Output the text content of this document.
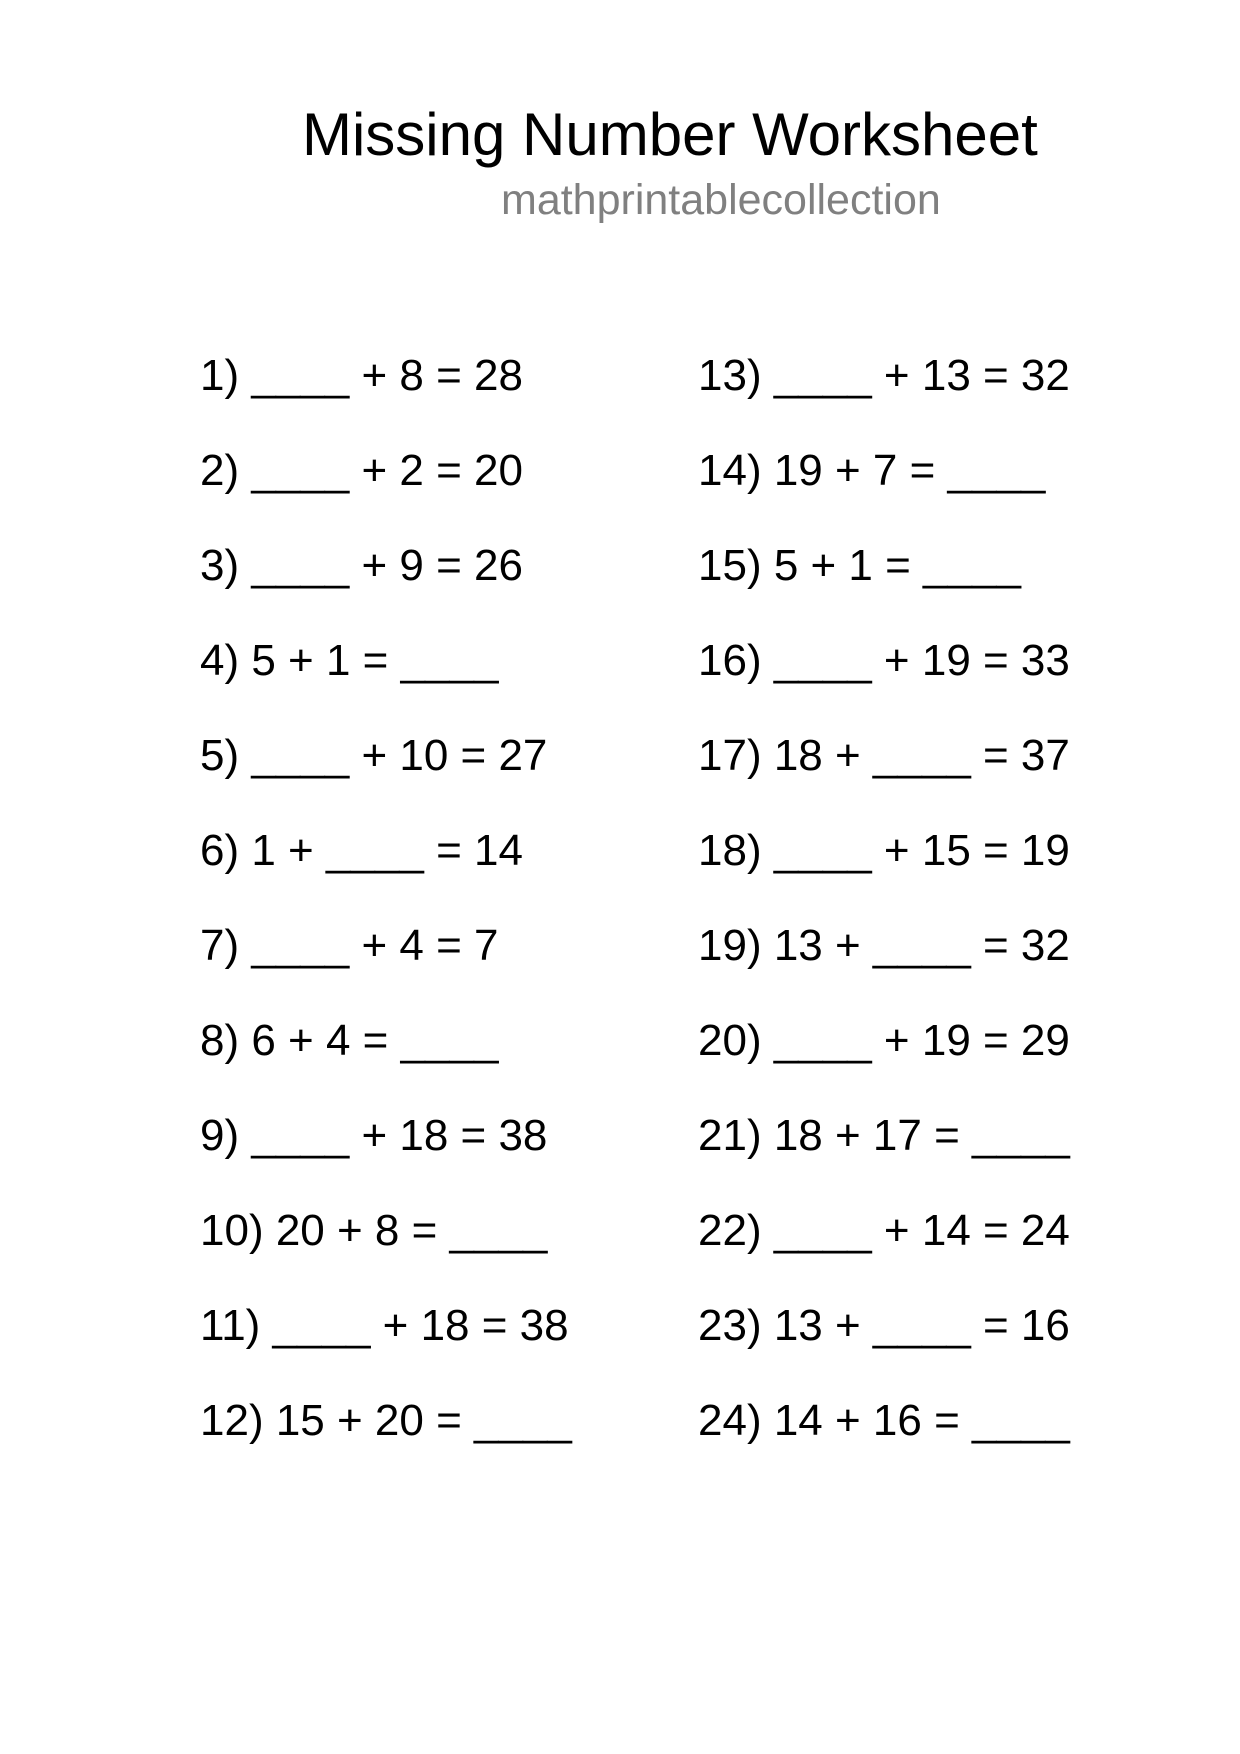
Missing Number Worksheet
mathprintablecollection
1) ____ + 8 = 28
2) ____ + 2 = 20
3) ____ + 9 = 26
4) 5 + 1 = ____
5) ____ + 10 = 27
6) 1 + ____ = 14
7) ____ + 4 = 7
8) 6 + 4 = ____
9) ____ + 18 = 38
10) 20 + 8 = ____
11) ____ + 18 = 38
12) 15 + 20 = ____
13) ____ + 13 = 32
14) 19 + 7 = ____
15) 5 + 1 = ____
16) ____ + 19 = 33
17) 18 + ____ = 37
18) ____ + 15 = 19
19) 13 + ____ = 32
20) ____ + 19 = 29
21) 18 + 17 = ____
22) ____ + 14 = 24
23) 13 + ____ = 16
24) 14 + 16 = ____
